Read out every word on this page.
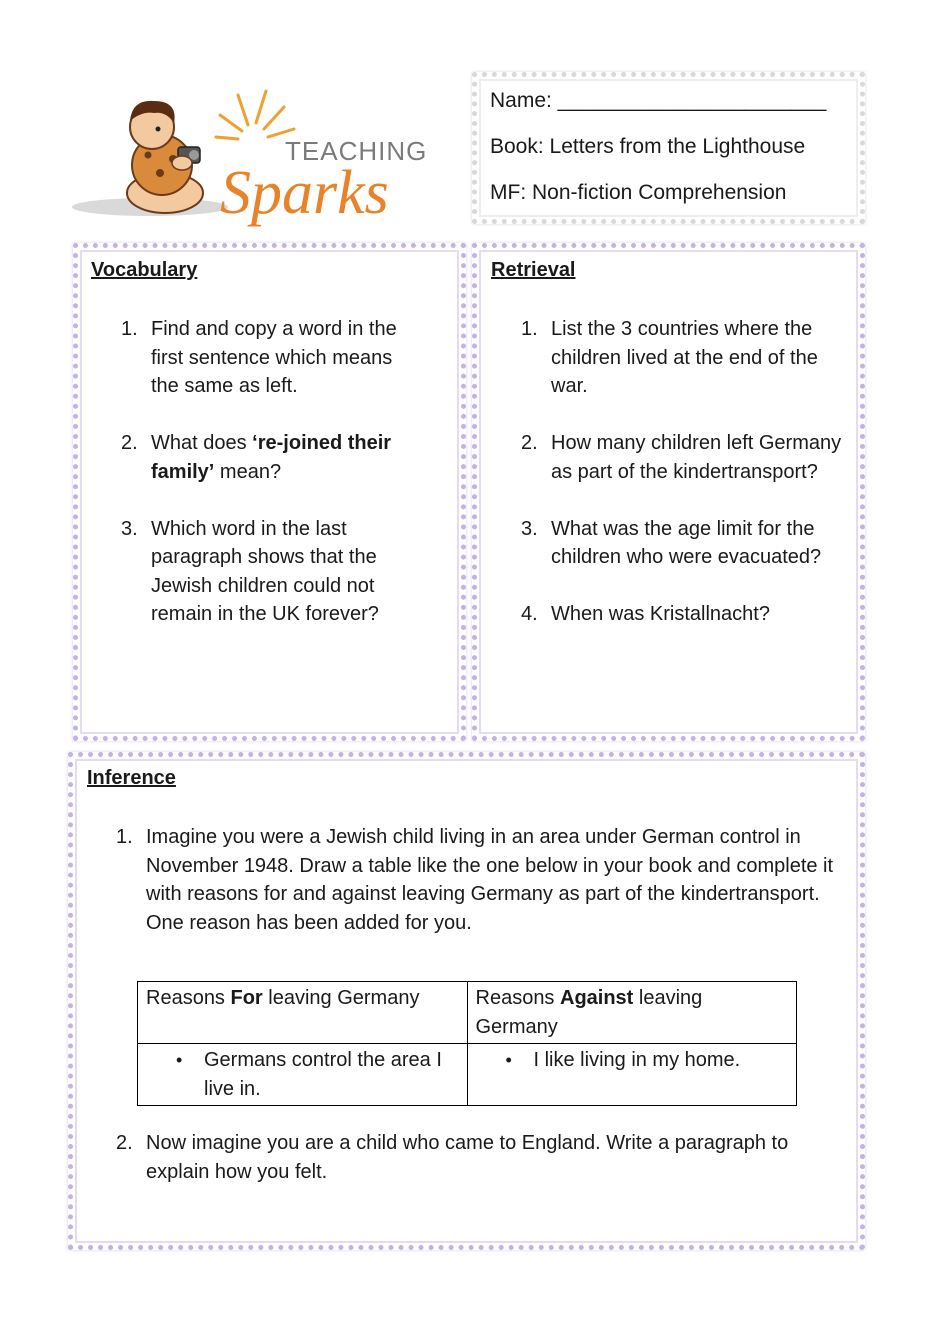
TEACHING
Sparks

Name: _______________________

Book: Letters from the Lighthouse

MF: Non-fiction Comprehension

Vocabulary

1. Find and copy a word in the first sentence which means the same as left.
2. What does ‘re-joined their family’ mean?
3. Which word in the last paragraph shows that the Jewish children could not remain in the UK forever?

Retrieval

1. List the 3 countries where the children lived at the end of the war.
2. How many children left Germany as part of the kindertransport?
3. What was the age limit for the children who were evacuated?
4. When was Kristallnacht?

Inference

1. Imagine you were a Jewish child living in an area under German control in November 1948. Draw a table like the one below in your book and complete it with reasons for and against leaving Germany as part of the kindertransport.
One reason has been added for you.
Reasons For leaving Germany	Reasons Against leaving Germany

• Germans control the area I live in.	• I like living in my home.
2. Now imagine you are a child who came to England. Write a paragraph to explain how you felt.
